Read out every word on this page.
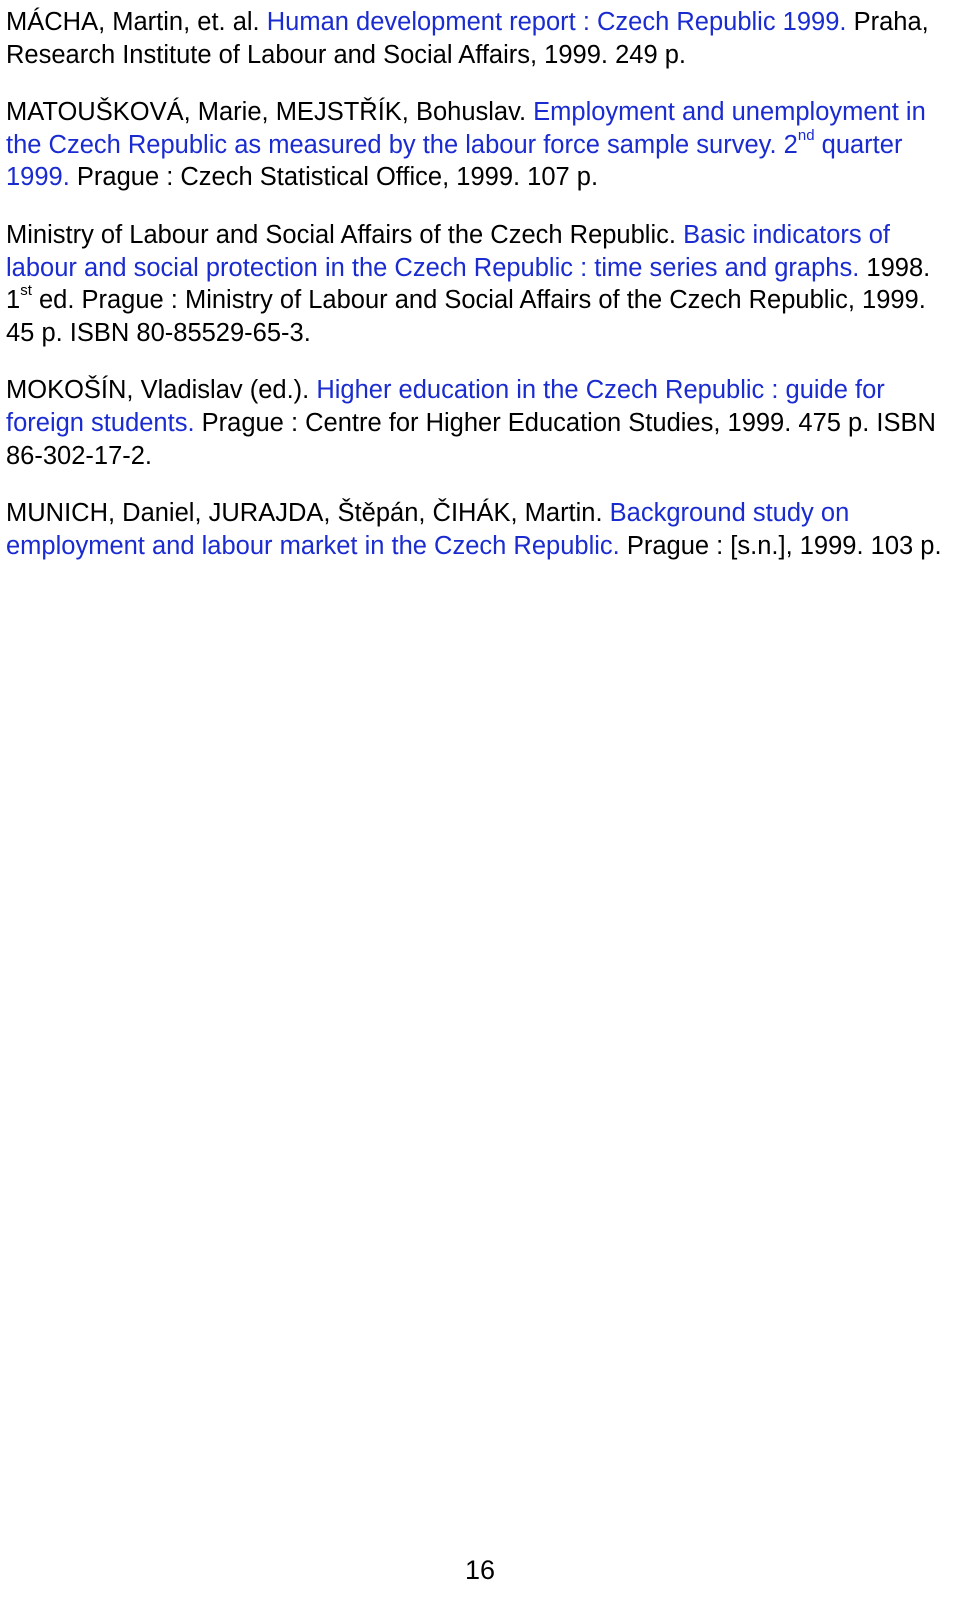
MÁCHA, Martin, et. al. Human development report : Czech Republic 1999. Praha, Research Institute of Labour and Social Affairs, 1999. 249 p.

MATOUŠKOVÁ, Marie, MEJSTŘÍK, Bohuslav. Employment and unemployment in the Czech Republic as measured by the labour force sample survey. 2nd quarter 1999. Prague : Czech Statistical Office, 1999. 107 p.

Ministry of Labour and Social Affairs of the Czech Republic. Basic indicators of labour and social protection in the Czech Republic : time series and graphs. 1998. 1st ed. Prague : Ministry of Labour and Social Affairs of the Czech Republic, 1999. 45 p. ISBN 80-85529-65-3.

MOKOŠÍN, Vladislav (ed.). Higher education in the Czech Republic : guide for foreign students. Prague : Centre for Higher Education Studies, 1999. 475 p. ISBN 86-302-17-2.

MUNICH, Daniel, JURAJDA, Štěpán, ČIHÁK, Martin. Background study on employment and labour market in the Czech Republic. Prague : [s.n.], 1999. 103 p.

16
